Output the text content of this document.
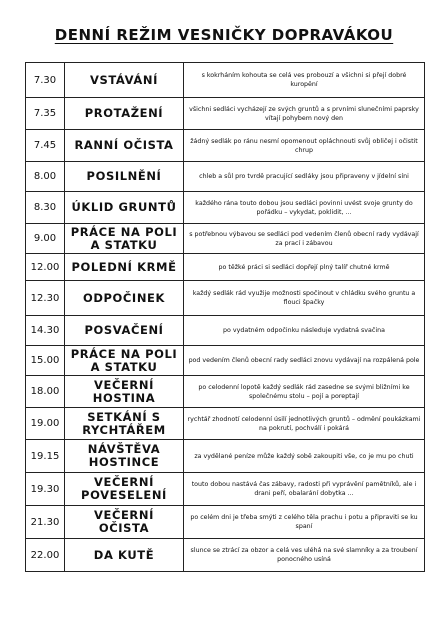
DENNÍ REŽIM VESNIČKY DOPRAVÁKOU
7.30	VSTÁVÁNÍ	s kokrháním kohouta se celá ves probouzí a všichni si přejí dobré kuropění
7.35	PROTAŽENÍ	všichni sedláci vycházejí ze svých gruntů a s prvními slunečními paprsky vítají pohybem nový den
7.45	RANNÍ OČISTA	žádný sedlák po ránu nesmí opomenout opláchnouti svůj obličej i očistit chrup
8.00	POSILNĚNÍ	chleb a sůl pro tvrdě pracující sedláky jsou připraveny v jídelní síni
8.30	ÚKLID GRUNTŮ	každého rána touto dobou jsou sedláci povinni uvést svoje grunty do pořádku – vykydat, poklidit, ...
9.00	PRÁCE NA POLI A STATKU	s potřebnou výbavou se sedláci pod vedením členů obecní rady vydávají za prací i zábavou
12.00	POLEDNÍ KRMĚ	po těžké práci si sedláci dopřejí plný talíř chutné krmě
12.30	ODPOČINEK	každý sedlák rád využije možnosti spočinout v chládku svého gruntu a flouci špačky
14.30	POSVAČENÍ	po vydatném odpočinku následuje vydatná svačina
15.00	PRÁCE NA POLI A STATKU	pod vedením členů obecní rady sedláci znovu vydávají na rozpálená pole
18.00	VEČERNÍ HOSTINA	po celodenní lopotě každý sedlák rád zasedne se svými bližními ke společnému stolu – pojí a poreptají
19.00	SETKÁNÍ S RYCHTÁŘEM	rychtář zhodnotí celodenní úsilí jednotlivých gruntů – odmění poukázkami na pokrutí, pochválí i pokárá
19.15	NÁVŠTĚVA HOSTINCE	za vydělané peníze může každý sobě zakoupiti vše, co je mu po chuti
19.30	VEČERNÍ POVESELENÍ	touto dobou nastává čas zábavy, radosti při vyprávění pamětníků, ale i drani peří, obalarání dobytka ...
21.30	VEČERNÍ OČISTA	po celém dni je třeba smýti z celého těla prachu i potu a připraviti se ku spaní
22.00	DA KUTĚ	slunce se ztrácí za obzor a celá ves uléhá na své slamníky a za troubení ponocného usíná
